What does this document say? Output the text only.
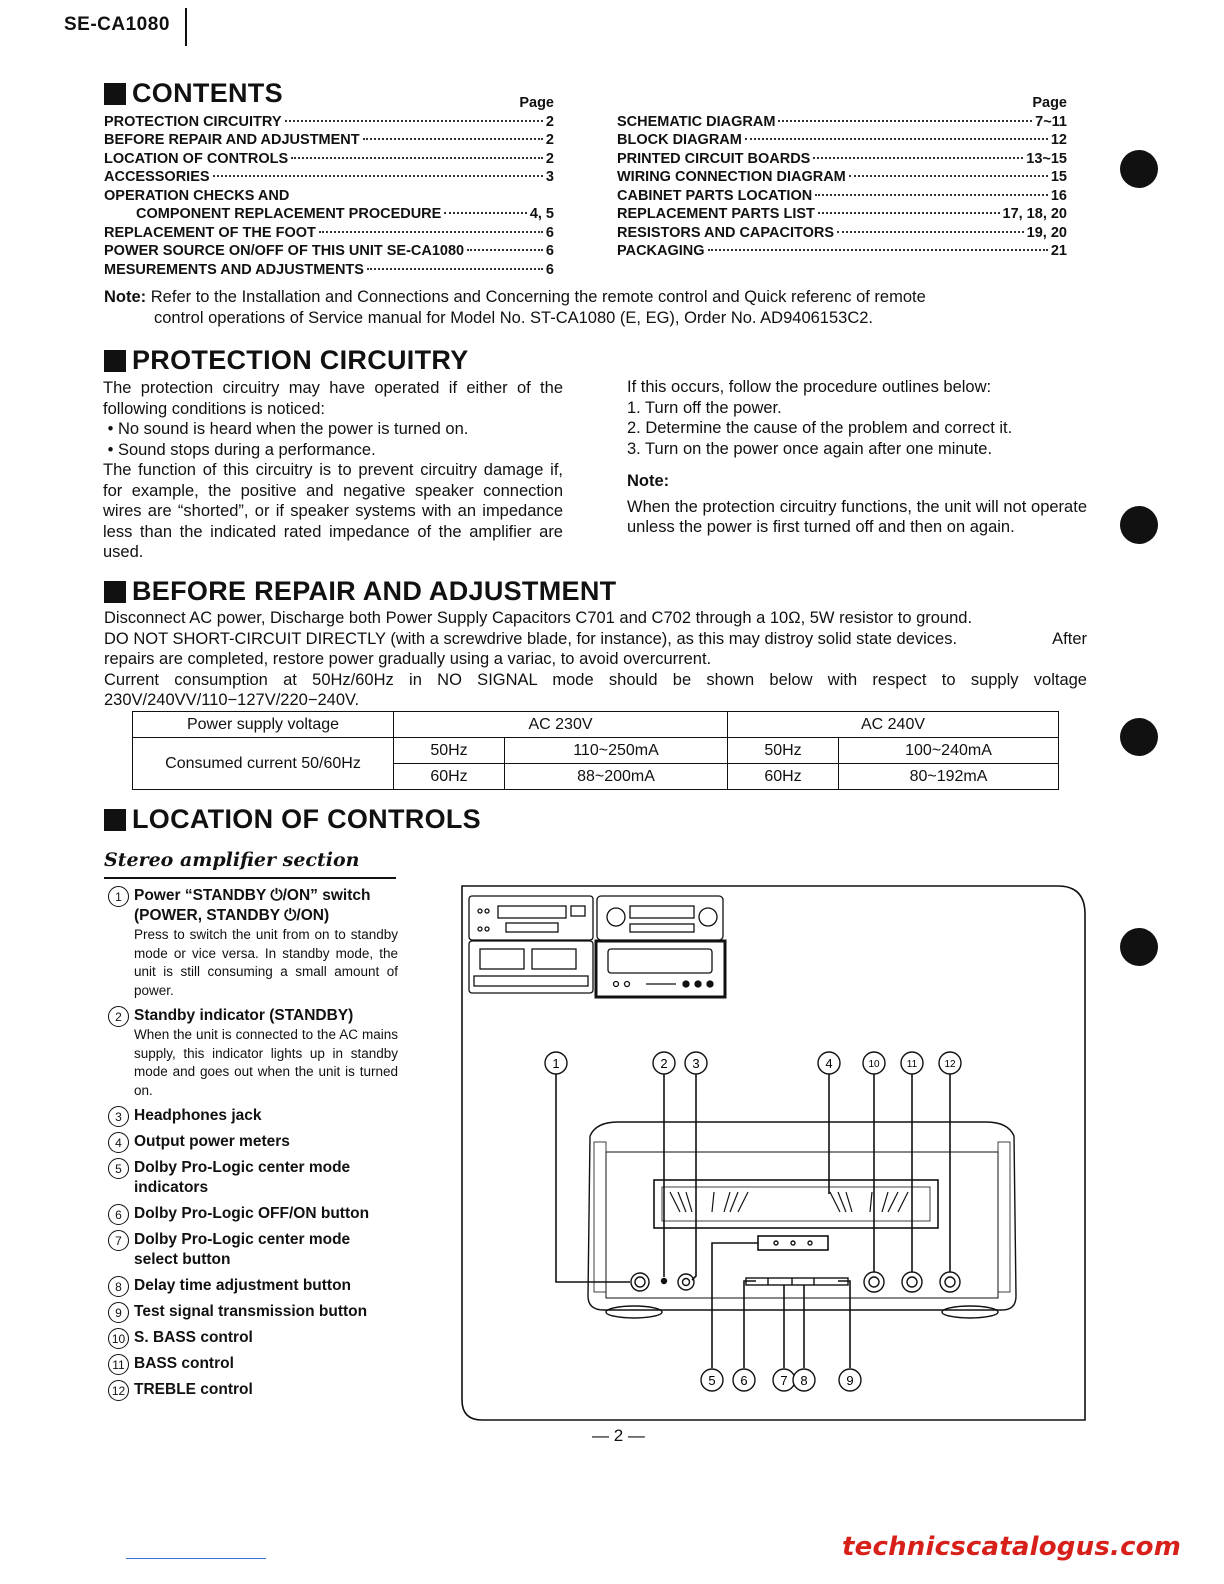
SE-CA1080
CONTENTS	Page
PROTECTION CIRCUITRY	2
BEFORE REPAIR AND ADJUSTMENT	2
LOCATION OF CONTROLS	2
ACCESSORIES	3
OPERATION CHECKS AND
COMPONENT REPLACEMENT PROCEDURE	4, 5
REPLACEMENT OF THE FOOT	6
POWER SOURCE ON/OFF OF THIS UNIT SE-CA1080	6
MESUREMENTS AND ADJUSTMENTS	6
Page
SCHEMATIC DIAGRAM	7~11
BLOCK DIAGRAM	12
PRINTED CIRCUIT BOARDS	13~15
WIRING CONNECTION DIAGRAM	15
CABINET PARTS LOCATION	16
REPLACEMENT PARTS LIST	17, 18, 20
RESISTORS AND CAPACITORS	19, 20
PACKAGING	21
Note: Refer to the Installation and Connections and Concerning the remote control and Quick referenc of remote
control operations of Service manual for Model No. ST-CA1080 (E, EG), Order No. AD9406153C2.
PROTECTION CIRCUITRY
The protection circuitry may have operated if either of the following conditions is noticed:
• No sound is heard when the power is turned on.
• Sound stops during a performance.
The function of this circuitry is to prevent circuitry damage if, for example, the positive and negative speaker connection wires are “shorted”, or if speaker systems with an impedance less than the indicated rated impedance of the amplifier are used.
If this occurs, follow the procedure outlines below:
1. Turn off the power.
2. Determine the cause of the problem and correct it.
3. Turn on the power once again after one minute.
Note:
When the protection circuitry functions, the unit will not operate unless the power is first turned off and then on again.
BEFORE REPAIR AND ADJUSTMENT
Disconnect AC power, Discharge both Power Supply Capacitors C701 and C702 through a 10Ω, 5W resistor to ground.
DO NOT SHORT-CIRCUIT DIRECTLY (with a screwdrive blade, for instance), as this may distroy solid state devices.	After
repairs are completed, restore power gradually using a variac, to avoid overcurrent.
Current consumption at 50Hz/60Hz in NO SIGNAL mode should be shown below with respect to supply voltage
230V/240VV/110−127V/220−240V.
Power supply voltage	AC 230V		AC 240V	
Consumed current 50/60Hz	50Hz	110~250mA	50Hz	100~240mA
	60Hz	88~200mA	60Hz	80~192mA
LOCATION OF CONTROLS
Stereo amplifier section
1 Power “STANDBY ⏻/ON” switch
(POWER, STANDBY ⏻/ON)
Press to switch the unit from on to standby mode or vice versa. In standby mode, the unit is still consuming a small amount of power.
2 Standby indicator (STANDBY)
When the unit is connected to the AC mains supply, this indicator lights up in standby mode and goes out when the unit is turned on.
3 Headphones jack
4 Output power meters
5 Dolby Pro-Logic center mode indicators
6 Dolby Pro-Logic OFF/ON button
7 Dolby Pro-Logic center mode select button
8 Delay time adjustment button
9 Test signal transmission button
10 S. BASS control
11 BASS control
12 TREBLE control
1	2 3	4	10	11	12
5 6	7 8	9
— 2 —
technicscatalogus.com
